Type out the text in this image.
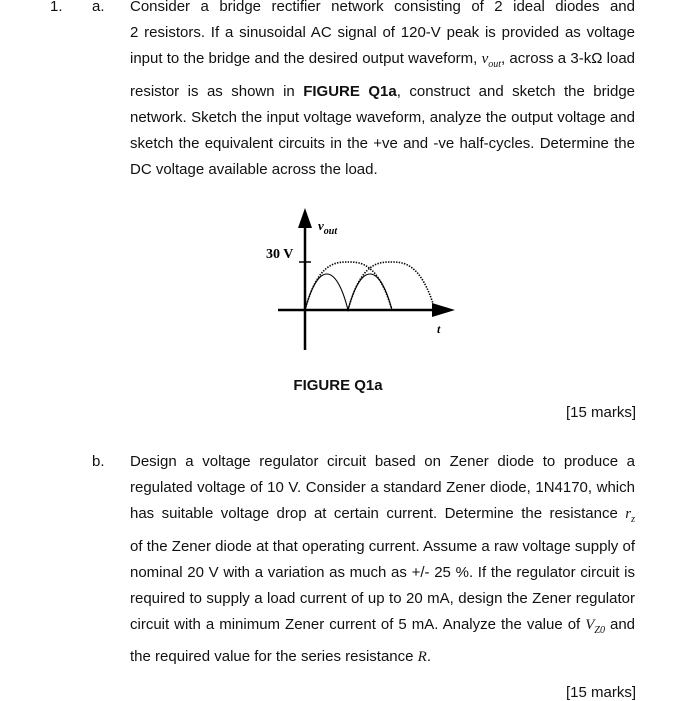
1. a. Consider a bridge rectifier network consisting of 2 ideal diodes and
2 resistors. If a sinusoidal AC signal of 120-V peak is provided as voltage
input to the bridge and the desired output waveform, $v_{out}$, across a 3-kΩ load
resistor is as shown in FIGURE Q1a, construct and sketch the bridge
network. Sketch the input voltage waveform, analyze the output voltage and
sketch the equivalent circuits in the +ve and -ve half-cycles. Determine the
DC voltage available across the load.
30 V
$v_{out}$
t
FIGURE Q1a
[15 marks]
b. Design a voltage regulator circuit based on Zener diode to produce a
regulated voltage of 10 V. Consider a standard Zener diode, 1N4170, which
has suitable voltage drop at certain current. Determine the resistance $r_z$
of the Zener diode at that operating current. Assume a raw voltage supply of
nominal 20 V with a variation as much as +/- 25 %. If the regulator circuit is
required to supply a load current of up to 20 mA, design the Zener regulator
circuit with a minimum Zener current of 5 mA. Analyze the value of $V_{Z0}$ and
the required value for the series resistance R.
[15 marks]
